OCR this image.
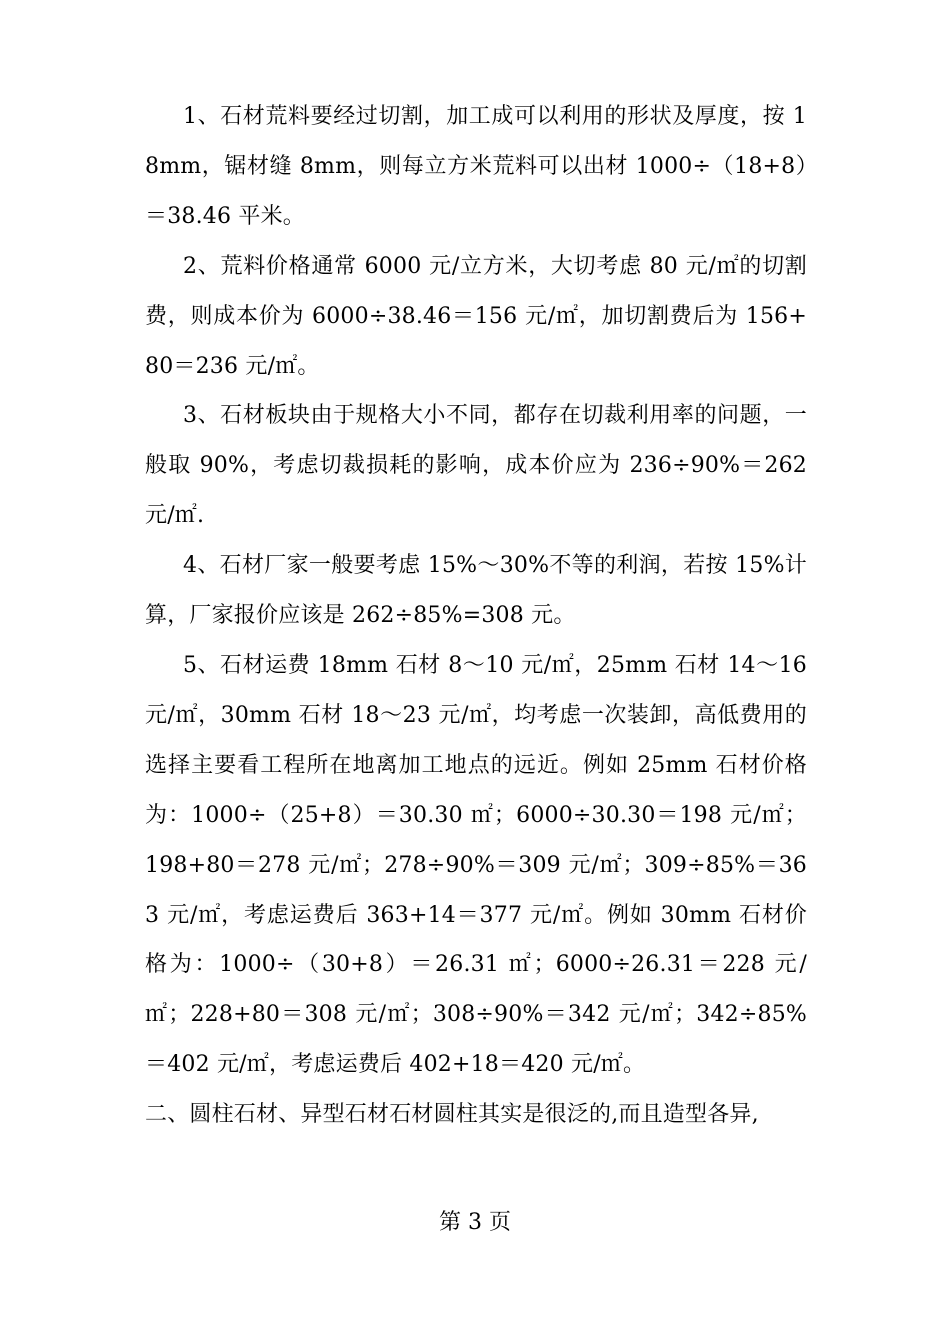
1、石材荒料要经过切割，加工成可以利用的形状及厚度，按 18mm，锯材缝 8mm，则每立方米荒料可以出材 1000÷（18+8）＝38.46 平米。

2、荒料价格通常 6000 元/立方米，大切考虑 80 元/㎡的切割费，则成本价为 6000÷38.46＝156 元/㎡，加切割费后为 156+80＝236 元/㎡。

3、石材板块由于规格大小不同，都存在切裁利用率的问题，一般取 90%，考虑切裁损耗的影响，成本价应为 236÷90%＝262 元/㎡.

4、石材厂家一般要考虑 15%～30%不等的利润，若按 15%计算，厂家报价应该是 262÷85%=308 元。

5、石材运费 18mm 石材 8～10 元/㎡，25mm 石材 14～16 元/㎡，30mm 石材 18～23 元/㎡，均考虑一次装卸，高低费用的选择主要看工程所在地离加工地点的远近。例如 25mm 石材价格为：1000÷（25+8）＝30.30 ㎡；6000÷30.30＝198 元/㎡；198+80＝278 元/㎡；278÷90%＝309 元/㎡；309÷85%＝363 元/㎡，考虑运费后 363+14＝377 元/㎡。例如 30mm 石材价格为：1000÷（30+8）＝26.31 ㎡；6000÷26.31＝228 元/㎡；228+80＝308 元/㎡；308÷90%＝342 元/㎡；342÷85%＝402 元/㎡，考虑运费后 402+18＝420 元/㎡。

二、圆柱石材、异型石材石材圆柱其实是很泛的,而且造型各异,

第 3 页
